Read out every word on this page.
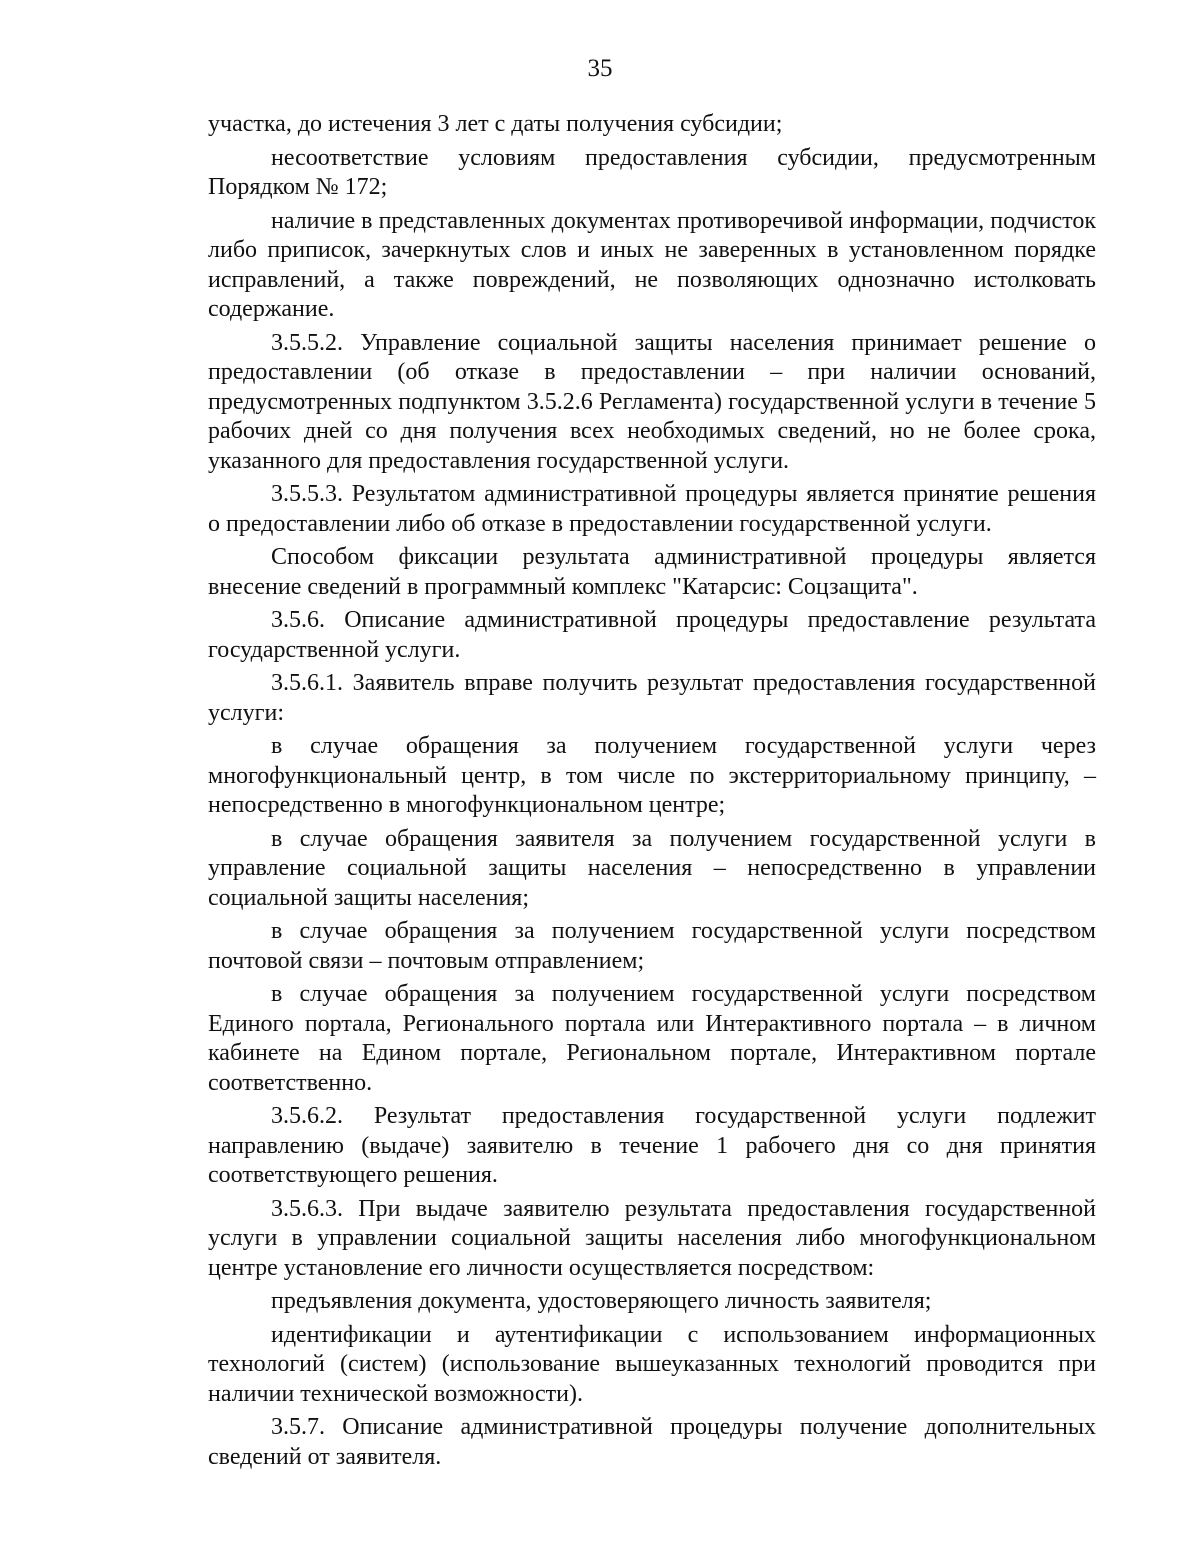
35

участка, до истечения 3 лет с даты получения субсидии;

несоответствие условиям предоставления субсидии, предусмотренным Порядком № 172;

наличие в представленных документах противоречивой информации, подчисток либо приписок, зачеркнутых слов и иных не заверенных в установленном порядке исправлений, а также повреждений, не позволяющих однозначно истолковать содержание.

3.5.5.2. Управление социальной защиты населения принимает решение о предоставлении (об отказе в предоставлении – при наличии оснований, предусмотренных подпунктом 3.5.2.6 Регламента) государственной услуги в течение 5 рабочих дней со дня получения всех необходимых сведений, но не более срока, указанного для предоставления государственной услуги.

3.5.5.3. Результатом административной процедуры является принятие решения о предоставлении либо об отказе в предоставлении государственной услуги.

Способом фиксации результата административной процедуры является внесение сведений в программный комплекс "Катарсис: Соцзащита".

3.5.6. Описание административной процедуры предоставление результата государственной услуги.

3.5.6.1. Заявитель вправе получить результат предоставления государственной услуги:

в случае обращения за получением государственной услуги через многофункциональный центр, в том числе по экстерриториальному принципу, – непосредственно в многофункциональном центре;

в случае обращения заявителя за получением государственной услуги в управление социальной защиты населения – непосредственно в управлении социальной защиты населения;

в случае обращения за получением государственной услуги посредством почтовой связи – почтовым отправлением;

в случае обращения за получением государственной услуги посредством Единого портала, Регионального портала или Интерактивного портала – в личном кабинете на Едином портале, Региональном портале, Интерактивном портале соответственно.

3.5.6.2. Результат предоставления государственной услуги подлежит направлению (выдаче) заявителю в течение 1 рабочего дня со дня принятия соответствующего решения.

3.5.6.3. При выдаче заявителю результата предоставления государственной услуги в управлении социальной защиты населения либо многофункциональном центре установление его личности осуществляется посредством:

предъявления документа, удостоверяющего личность заявителя;

идентификации и аутентификации с использованием информационных технологий (систем) (использование вышеуказанных технологий проводится при наличии технической возможности).

3.5.7. Описание административной процедуры получение дополнительных сведений от заявителя.
